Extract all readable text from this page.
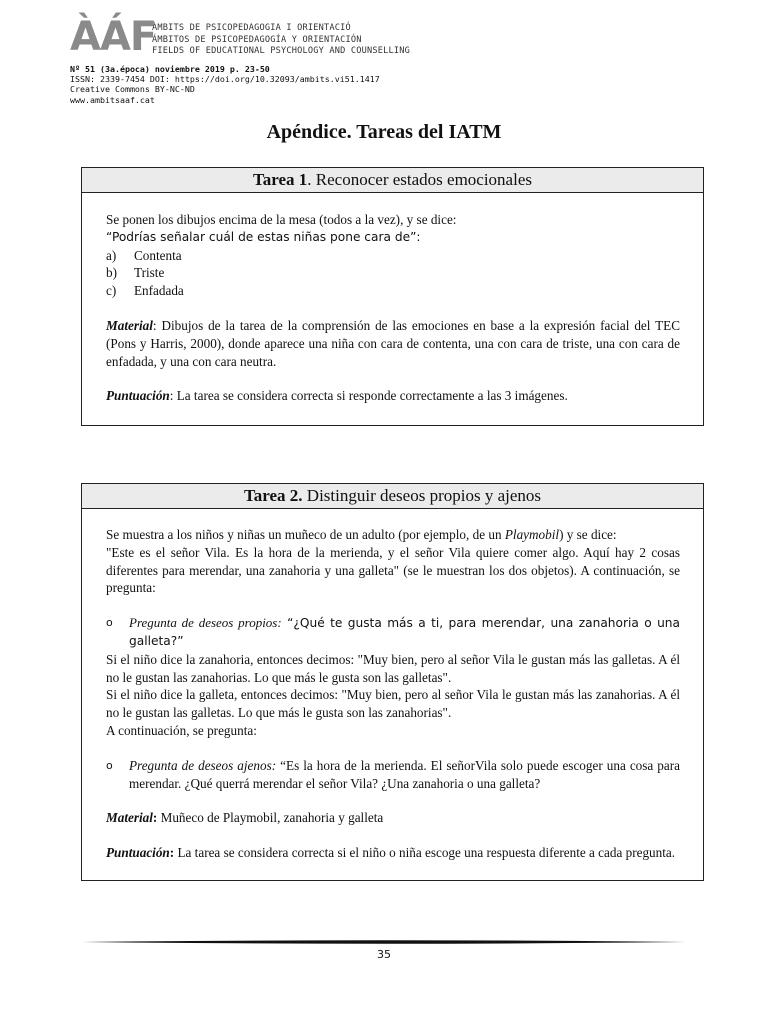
ÀÁF
ÀMBITS DE PSICOPEDAGOGIA I ORIENTACIÓ
ÁMBITOS DE PSICOPEDAGOGÍA Y ORIENTACIÓN
FIELDS OF EDUCATIONAL PSYCHOLOGY AND COUNSELLING
Nº 51 (3a.época) noviembre 2019 p. 23-50
ISSN: 2339-7454 DOI: https://doi.org/10.32093/ambits.vi51.1417
Creative Commons BY-NC-ND
www.ambitsaaf.cat
Apéndice. Tareas del IATM
Tarea 1. Reconocer estados emocionales

Se ponen los dibujos encima de la mesa (todos a la vez), y se dice:

“Podrías señalar cuál de estas niñas pone cara de”:

a) Contenta
b) Triste
c) Enfadada

Material: Dibujos de la tarea de la comprensión de las emociones en base a la expresión facial del TEC (Pons y Harris, 2000), donde aparece una niña con cara de contenta, una con cara de triste, una con cara de enfadada, y una con cara neutra.

Puntuación: La tarea se considera correcta si responde correctamente a las 3 imágenes.

Tarea 2. Distinguir deseos propios y ajenos

Se muestra a los niños y niñas un muñeco de un adulto (por ejemplo, de un Playmobil) y se dice:

"Este es el señor Vila. Es la hora de la merienda, y el señor Vila quiere comer algo. Aquí hay 2 cosas diferentes para merendar, una zanahoria y una galleta" (se le muestran los dos objetos). A continuación, se pregunta:

o Pregunta de deseos propios: “¿Qué te gusta más a ti, para merendar, una zanahoria o una galleta?”

Si el niño dice la zanahoria, entonces decimos: "Muy bien, pero al señor Vila le gustan más las galletas. A él no le gustan las zanahorias. Lo que más le gusta son las galletas".

Si el niño dice la galleta, entonces decimos: "Muy bien, pero al señor Vila le gustan más las zanahorias. A él no le gustan las galletas. Lo que más le gusta son las zanahorias".

A continuación, se pregunta:

o Pregunta de deseos ajenos: “Es la hora de la merienda. El señorVila solo puede escoger una cosa para merendar. ¿Qué querrá merendar el señor Vila? ¿Una zanahoria o una galleta?

Material: Muñeco de Playmobil, zanahoria y galleta

Puntuación: La tarea se considera correcta si el niño o niña escoge una respuesta diferente a cada pregunta.

35
